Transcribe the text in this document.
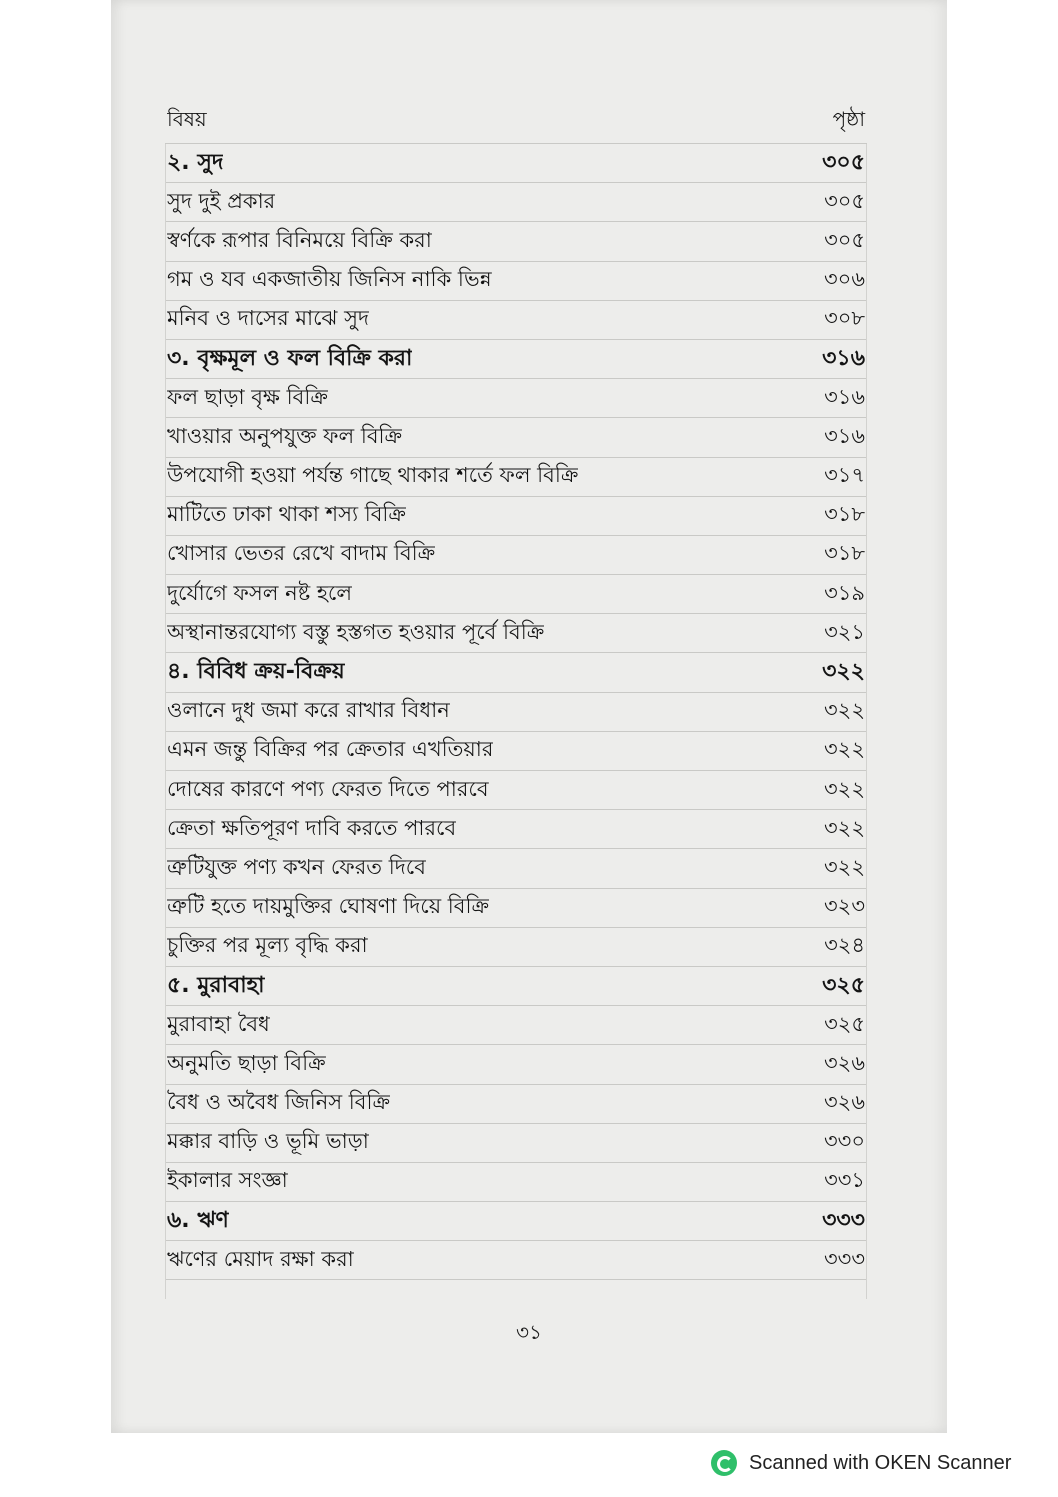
বিষয়	পৃষ্ঠা
২. সুদ	৩০৫
সুদ দুই প্রকার	৩০৫
স্বর্ণকে রূপার বিনিময়ে বিক্রি করা	৩০৫
গম ও যব একজাতীয় জিনিস নাকি ভিন্ন	৩০৬
মনিব ও দাসের মাঝে সুদ	৩০৮
৩. বৃক্ষমূল ও ফল বিক্রি করা	৩১৬
ফল ছাড়া বৃক্ষ বিক্রি	৩১৬
খাওয়ার অনুপযুক্ত ফল বিক্রি	৩১৬
উপযোগী হওয়া পর্যন্ত গাছে থাকার শর্তে ফল বিক্রি	৩১৭
মাটিতে ঢাকা থাকা শস্য বিক্রি	৩১৮
খোসার ভেতর রেখে বাদাম বিক্রি	৩১৮
দুর্যোগে ফসল নষ্ট হলে	৩১৯
অস্থানান্তরযোগ্য বস্তু হস্তগত হওয়ার পূর্বে বিক্রি	৩২১
৪. বিবিধ ক্রয়-বিক্রয়	৩২২
ওলানে দুধ জমা করে রাখার বিধান	৩২২
এমন জন্তু বিক্রির পর ক্রেতার এখতিয়ার	৩২২
দোষের কারণে পণ্য ফেরত দিতে পারবে	৩২২
ক্রেতা ক্ষতিপূরণ দাবি করতে পারবে	৩২২
ত্রুটিযুক্ত পণ্য কখন ফেরত দিবে	৩২২
ত্রুটি হতে দায়মুক্তির ঘোষণা দিয়ে বিক্রি	৩২৩
চুক্তির পর মূল্য বৃদ্ধি করা	৩২৪
৫. মুরাবাহা	৩২৫
মুরাবাহা বৈধ	৩২৫
অনুমতি ছাড়া বিক্রি	৩২৬
বৈধ ও অবৈধ জিনিস বিক্রি	৩২৬
মক্কার বাড়ি ও ভূমি ভাড়া	৩৩০
ইকালার সংজ্ঞা	৩৩১
৬. ঋণ	৩৩৩
ঋণের মেয়াদ রক্ষা করা	৩৩৩
৩১
Scanned with OKEN Scanner
